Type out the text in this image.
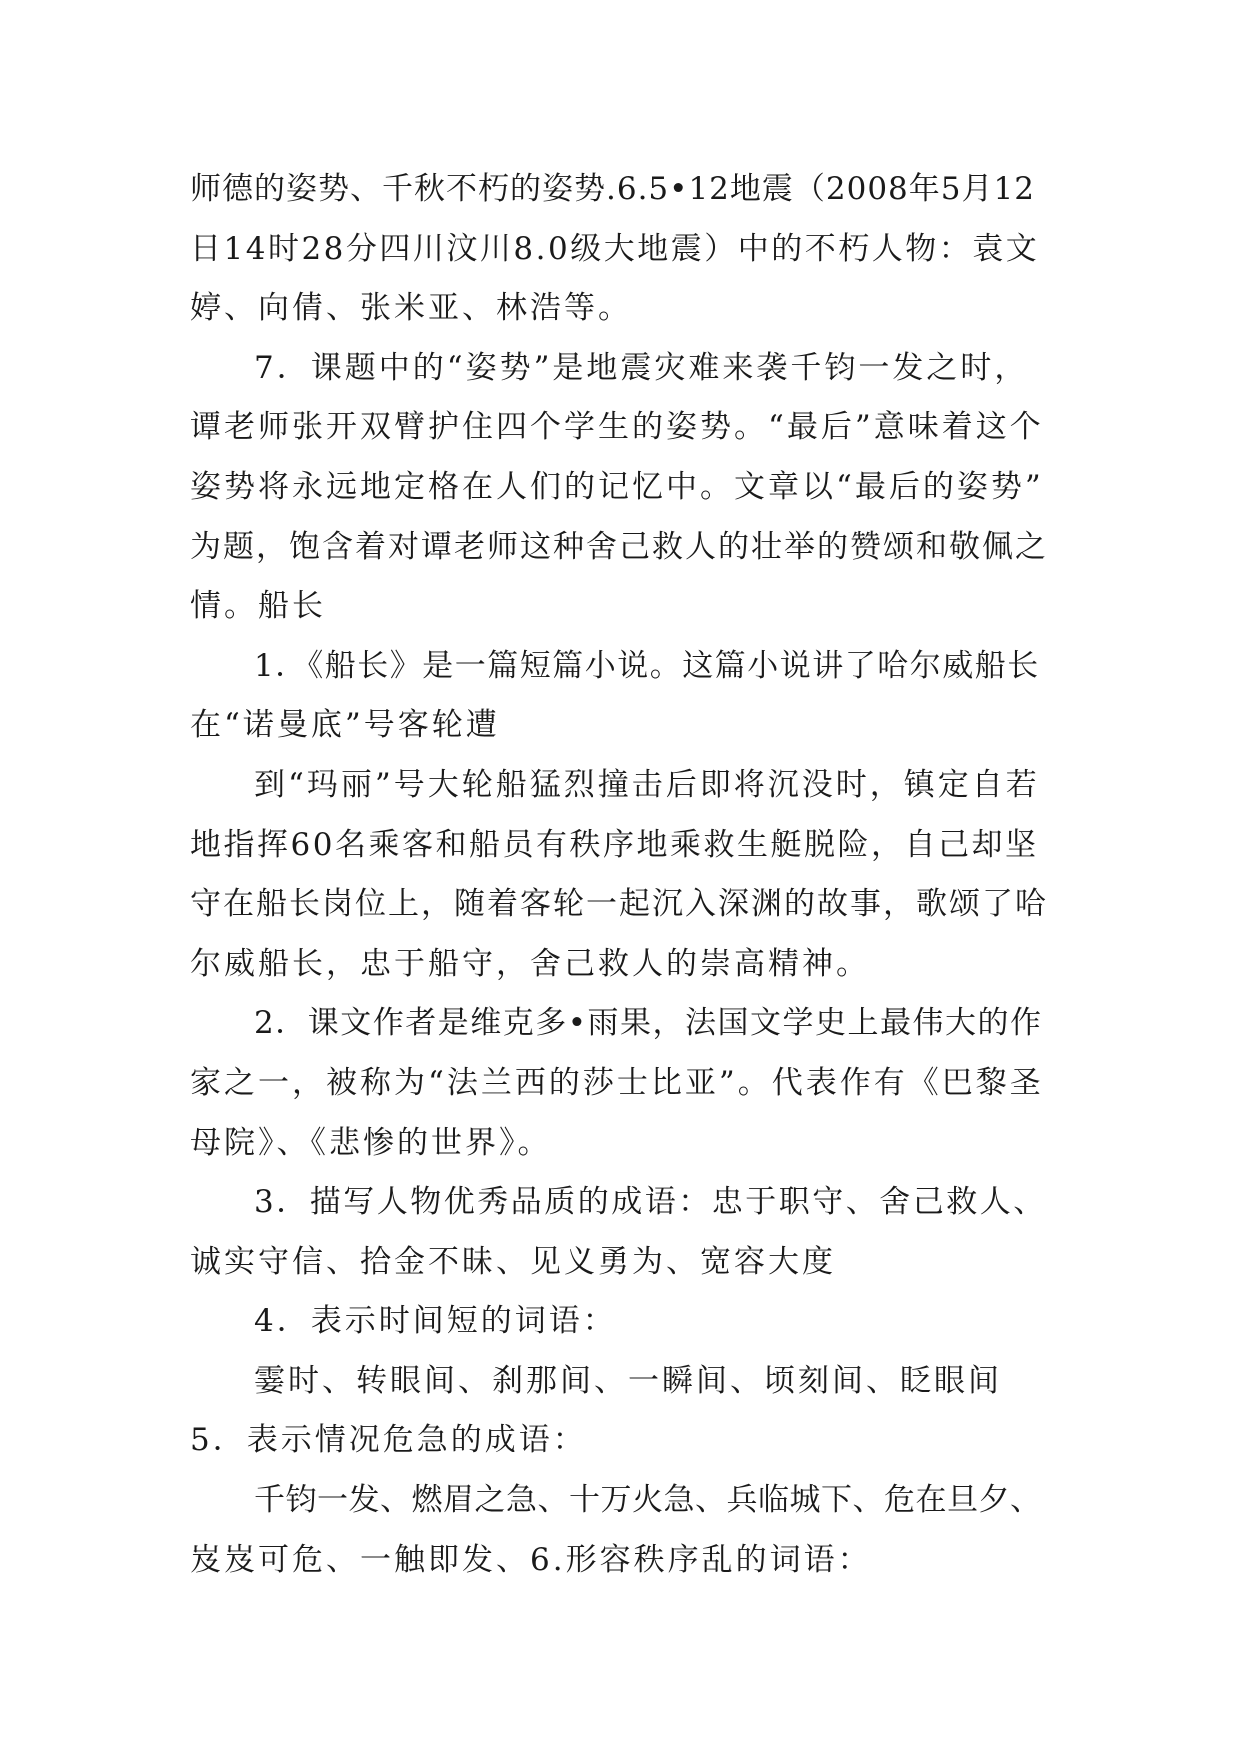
师德的姿势、千秋不朽的姿势.6.5•12地震（2008年5月12
日14时28分四川汶川8.0级大地震）中的不朽人物：袁文
婷、向倩、张米亚、林浩等。
7．课题中的“姿势”是地震灾难来袭千钧一发之时，
谭老师张开双臂护住四个学生的姿势。“最后”意味着这个
姿势将永远地定格在人们的记忆中。文章以“最后的姿势”
为题，饱含着对谭老师这种舍己救人的壮举的赞颂和敬佩之
情。船长
1．《船长》是一篇短篇小说。这篇小说讲了哈尔威船长
在“诺曼底”号客轮遭
到“玛丽”号大轮船猛烈撞击后即将沉没时，镇定自若
地指挥60名乘客和船员有秩序地乘救生艇脱险，自己却坚
守在船长岗位上，随着客轮一起沉入深渊的故事，歌颂了哈
尔威船长，忠于船守，舍己救人的崇高精神。
2．课文作者是维克多•雨果，法国文学史上最伟大的作
家之一，被称为“法兰西的莎士比亚”。代表作有《巴黎圣
母院》、《悲惨的世界》。
3．描写人物优秀品质的成语：忠于职守、舍己救人、
诚实守信、拾金不昧、见义勇为、宽容大度
4．表示时间短的词语：
霎时、转眼间、刹那间、一瞬间、顷刻间、眨眼间
5．表示情况危急的成语：
千钧一发、燃眉之急、十万火急、兵临城下、危在旦夕、
岌岌可危、一触即发、6.形容秩序乱的词语：
